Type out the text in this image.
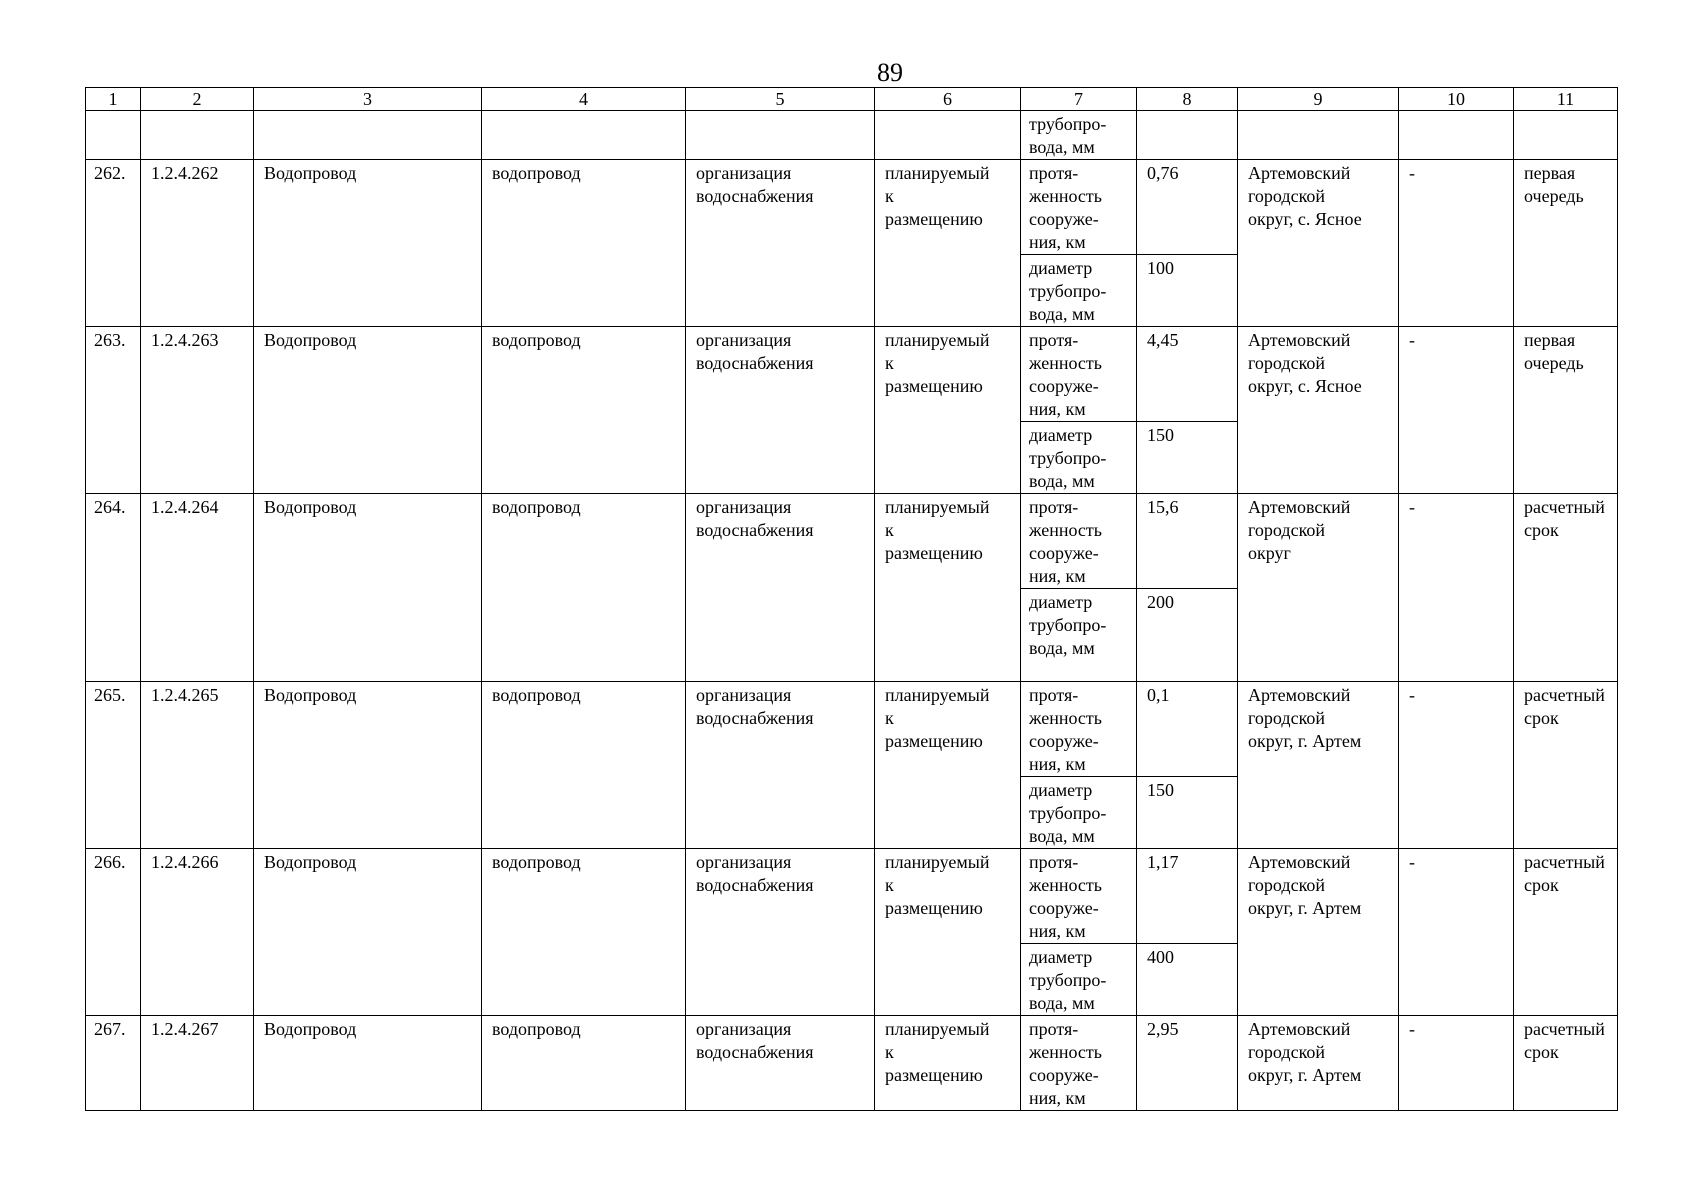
89
1	2	3	4	5	6	7	8	9	10	11
						трубопро-
вода, мм				
262.	1.2.4.262	Водопровод	водопровод	организация
водоснабжения	планируемый
к
размещению	протя-
женность
сооруже-
ния, км	0,76	Артемовский
городской
округ, с. Ясное	-	первая
очередь
						диаметр
трубопро-
вода, мм	100			
263.	1.2.4.263	Водопровод	водопровод	организация
водоснабжения	планируемый
к
размещению	протя-
женность
сооруже-
ния, км	4,45	Артемовский
городской
округ, с. Ясное	-	первая
очередь
						диаметр
трубопро-
вода, мм	150			
264.	1.2.4.264	Водопровод	водопровод	организация
водоснабжения	планируемый
к
размещению	протя-
женность
сооруже-
ния, км	15,6	Артемовский
городской
округ	-	расчетный
срок
						диаметр
трубопро-
вода, мм	200			
265.	1.2.4.265	Водопровод	водопровод	организация
водоснабжения	планируемый
к
размещению	протя-
женность
сооруже-
ния, км	0,1	Артемовский
городской
округ, г. Артем	-	расчетный
срок
						диаметр
трубопро-
вода, мм	150			
266.	1.2.4.266	Водопровод	водопровод	организация
водоснабжения	планируемый
к
размещению	протя-
женность
сооруже-
ния, км	1,17	Артемовский
городской
округ, г. Артем	-	расчетный
срок
						диаметр
трубопро-
вода, мм	400			
267.	1.2.4.267	Водопровод	водопровод	организация
водоснабжения	планируемый
к
размещению	протя-
женность
сооруже-
ния, км	2,95	Артемовский
городской
округ, г. Артем	-	расчетный
срок
